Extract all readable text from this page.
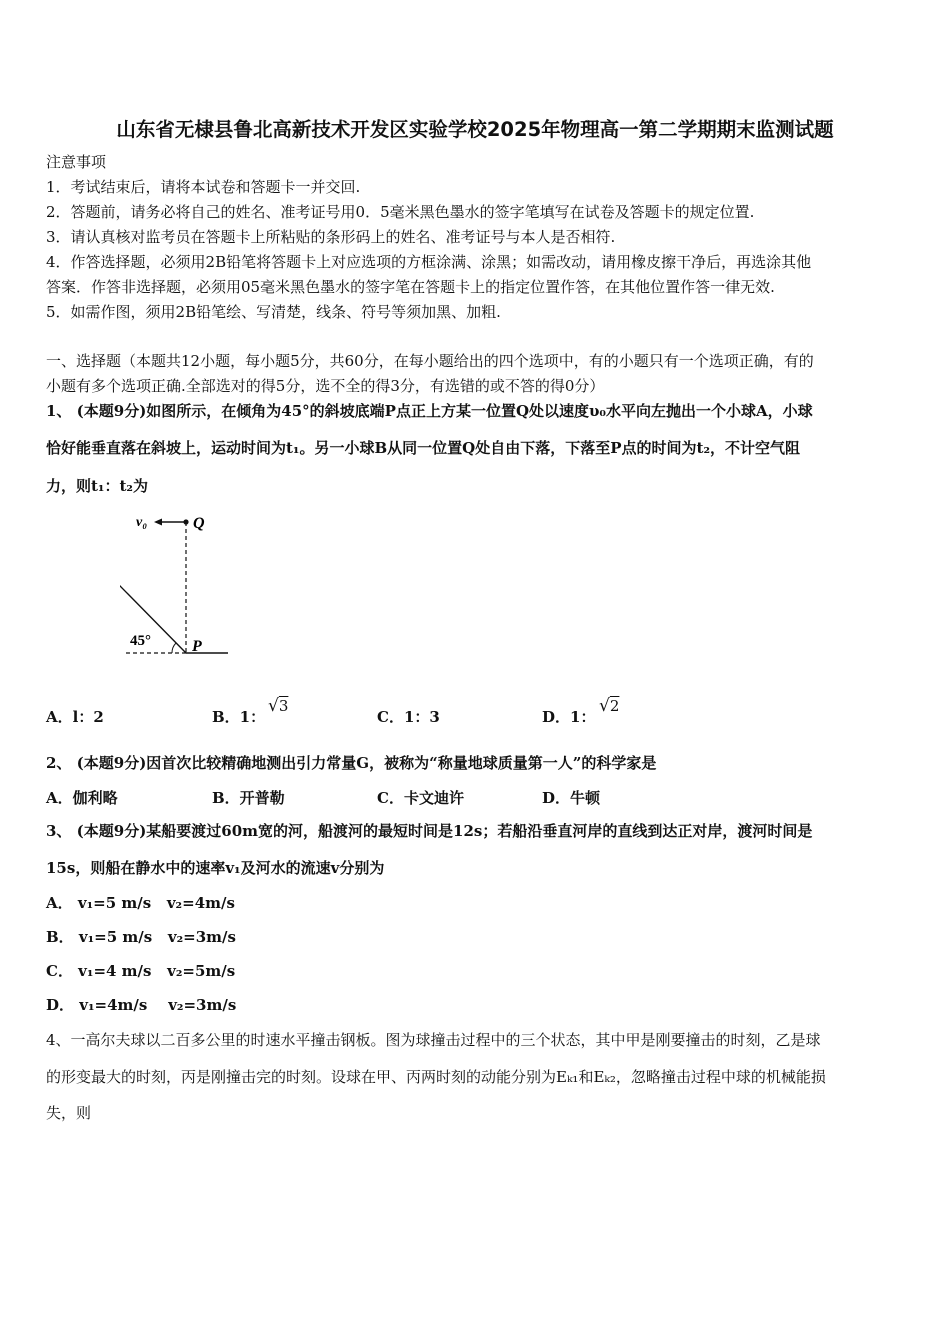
山东省无棣县鲁北高新技术开发区实验学校2025年物理高一第二学期期末监测试题
注意事项
1．考试结束后，请将本试卷和答题卡一并交回.
2．答题前，请务必将自己的姓名、准考证号用0．5毫米黑色墨水的签字笔填写在试卷及答题卡的规定位置.
3．请认真核对监考员在答题卡上所粘贴的条形码上的姓名、准考证号与本人是否相符.
4．作答选择题，必须用2B铅笔将答题卡上对应选项的方框涂满、涂黑；如需改动，请用橡皮擦干净后，再选涂其他
答案．作答非选择题，必须用05毫米黑色墨水的签字笔在答题卡上的指定位置作答，在其他位置作答一律无效.
5．如需作图，须用2B铅笔绘、写清楚，线条、符号等须加黑、加粗.
一、选择题（本题共12小题，每小题5分，共60分，在每小题给出的四个选项中，有的小题只有一个选项正确，有的
小题有多个选项正确.全部选对的得5分，选不全的得3分，有选错的或不答的得0分）
1、 (本题9分)如图所示，在倾角为45°的斜坡底端P点正上方某一位置Q处以速度υ₀水平向左抛出一个小球A，小球
恰好能垂直落在斜坡上，运动时间为t₁。另一小球B从同一位置Q处自由下落，下落至P点的时间为t₂，不计空气阻
力，则t₁：t₂为
v₀	Q
P
45°
A．l：2	B．1：
√3
C．1：3	D．1：
√2
2、 (本题9分)因首次比较精确地测出引力常量G，被称为“称量地球质量第一人”的科学家是
A．伽利略	B．开普勒	C．卡文迪许	D．牛顿
3、 (本题9分)某船要渡过60m宽的河，船渡河的最短时间是12s；若船沿垂直河岸的直线到达正对岸，渡河时间是
15s，则船在静水中的速率v₁及河水的流速v分别为
A． v₁=5 m/s   v₂=4m/s
B． v₁=5 m/s   v₂=3m/s
C． v₁=4 m/s   v₂=5m/s
D． v₁=4m/s    v₂=3m/s
4、一高尔夫球以二百多公里的时速水平撞击钢板。图为球撞击过程中的三个状态，其中甲是刚要撞击的时刻，乙是球
的形变最大的时刻，丙是刚撞击完的时刻。设球在甲、丙两时刻的动能分别为Eₖ₁和Eₖ₂，忽略撞击过程中球的机械能损
失，则
